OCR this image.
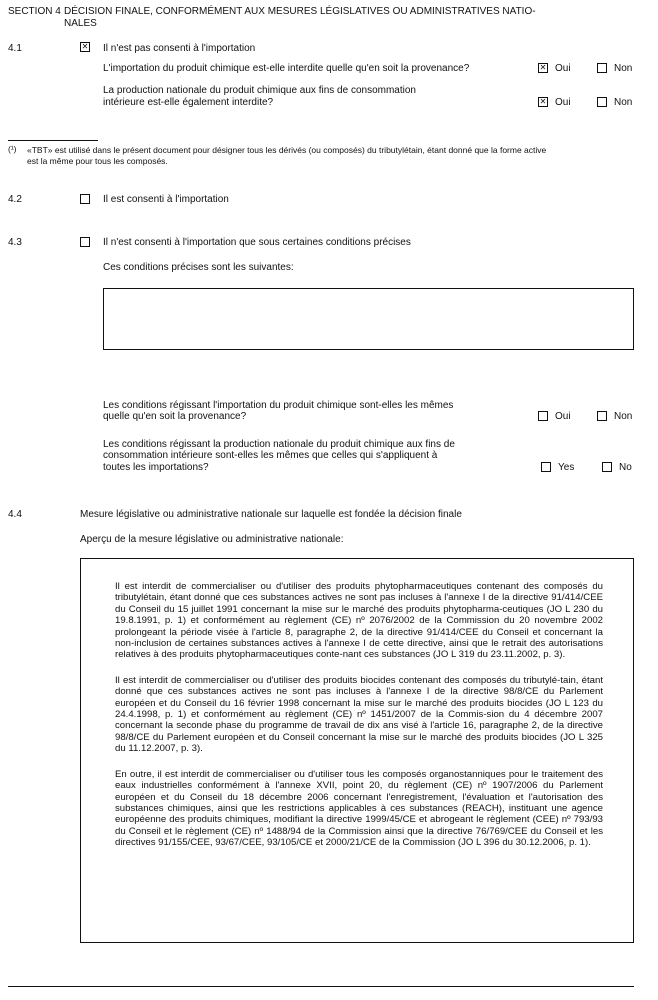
SECTION 4 DÉCISION FINALE, CONFORMÉMENT AUX MESURES LÉGISLATIVES OU ADMINISTRATIVES NATIO-
NALES
4.1 ✕	Il n'est pas consenti à l'importation
L'importation du produit chimique est-elle interdite quelle qu'en soit la provenance? ✕	Oui	Non
La production nationale du produit chimique aux fins de consommation
intérieure est-elle également interdite? ✕	Oui	Non
(¹) «TBT» est utilisé dans le présent document pour désigner tous les dérivés (ou composés) du tributylétain, étant donné que la forme active
est la même pour tous les composés.
4.2	Il est consenti à l'importation
4.3	Il n'est consenti à l'importation que sous certaines conditions précises
Ces conditions précises sont les suivantes:
Les conditions régissant l'importation du produit chimique sont-elles les mêmes
quelle qu'en soit la provenance?	Oui	Non
Les conditions régissant la production nationale du produit chimique aux fins de
consommation intérieure sont-elles les mêmes que celles qui s'appliquent à
toutes les importations?	Yes	No
4.4	Mesure législative ou administrative nationale sur laquelle est fondée la décision finale
Aperçu de la mesure législative ou administrative nationale:

Il est interdit de commercialiser ou d'utiliser des produits phytopharmaceutiques contenant des composés du tributylétain, étant donné que ces substances actives ne sont pas incluses à l'annexe I de la directive 91/414/CEE du Conseil du 15 juillet 1991 concernant la mise sur le marché des produits phytopharma-ceutiques (JO L 230 du 19.8.1991, p. 1) et conformément au règlement (CE) nº 2076/2002 de la Commission du 20 novembre 2002 prolongeant la période visée à l'article 8, paragraphe 2, de la directive 91/414/CEE du Conseil et concernant la non-inclusion de certaines substances actives à l'annexe I de cette directive, ainsi que le retrait des autorisations relatives à des produits phytopharmaceutiques conte-nant ces substances (JO L 319 du 23.11.2002, p. 3).

Il est interdit de commercialiser ou d'utiliser des produits biocides contenant des composés du tributylé-tain, étant donné que ces substances actives ne sont pas incluses à l'annexe I de la directive 98/8/CE du Parlement européen et du Conseil du 16 février 1998 concernant la mise sur le marché des produits biocides (JO L 123 du 24.4.1998, p. 1) et conformément au règlement (CE) nº 1451/2007 de la Commis-sion du 4 décembre 2007 concernant la seconde phase du programme de travail de dix ans visé à l'article 16, paragraphe 2, de la directive 98/8/CE du Parlement européen et du Conseil concernant la mise sur le marché des produits biocides (JO L 325 du 11.12.2007, p. 3).

En outre, il est interdit de commercialiser ou d'utiliser tous les composés organostanniques pour le traitement des eaux industrielles conformément à l'annexe XVII, point 20, du règlement (CE) nº 1907/2006 du Parlement européen et du Conseil du 18 décembre 2006 concernant l'enregistrement, l'évaluation et l'autorisation des substances chimiques, ainsi que les restrictions applicables à ces substances (REACH), instituant une agence européenne des produits chimiques, modifiant la directive 1999/45/CE et abrogeant le règlement (CEE) nº 793/93 du Conseil et le règlement (CE) nº 1488/94 de la Commission ainsi que la directive 76/769/CEE du Conseil et les directives 91/155/CEE, 93/67/CEE, 93/105/CE et 2000/21/CE de la Commission (JO L 396 du 30.12.2006, p. 1).
